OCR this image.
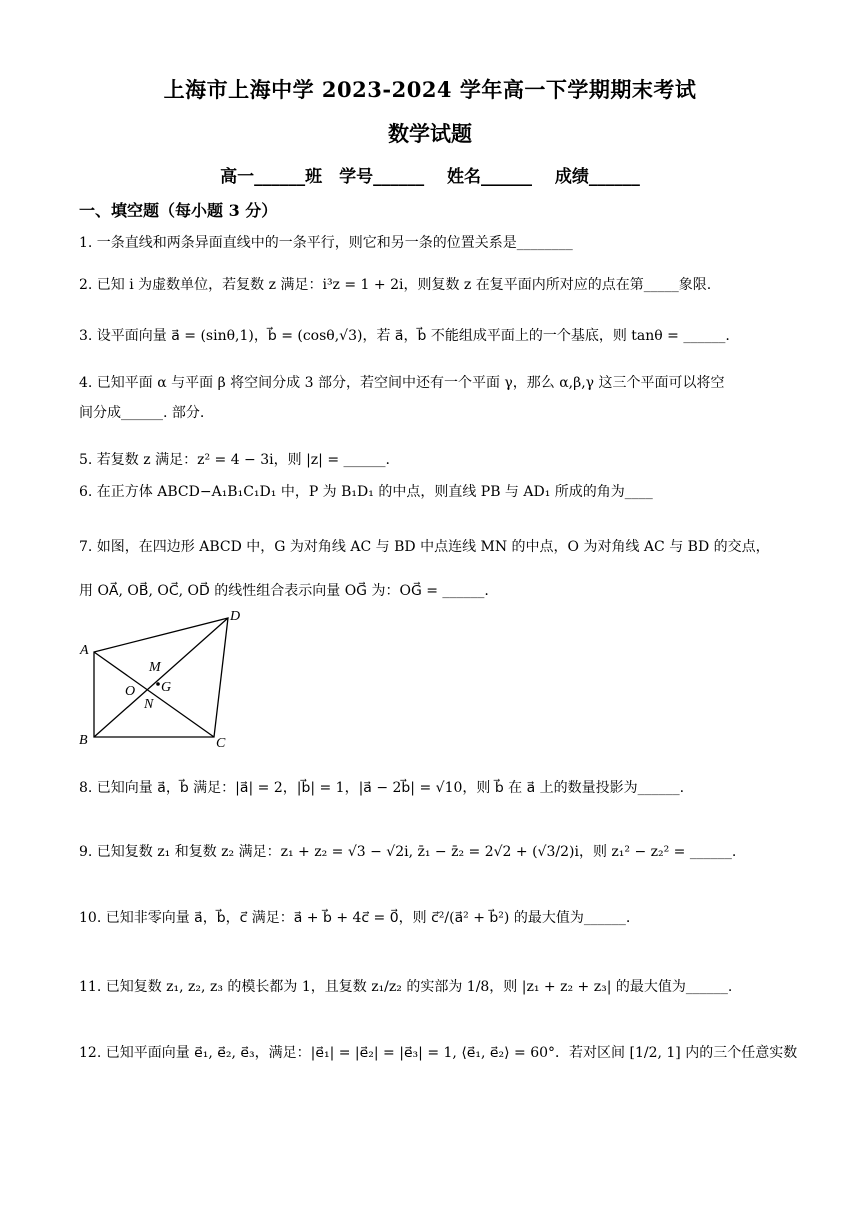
上海市上海中学 2023-2024 学年高一下学期期末考试
数学试题
高一______班　学号______　 姓名______　 成绩______
一、填空题（每小题 3 分）
1. 一条直线和两条异面直线中的一条平行，则它和另一条的位置关系是________
2. 已知 i 为虚数单位，若复数 z 满足：i³z = 1 + 2i，则复数 z 在复平面内所对应的点在第_____象限.
3. 设平面向量 a⃗ = (sinθ,1)，b⃗ = (cosθ,√3)，若 a⃗，b⃗ 不能组成平面上的一个基底，则 tanθ = ______.
4. 已知平面 α 与平面 β 将空间分成 3 部分，若空间中还有一个平面 γ，那么 α,β,γ 这三个平面可以将空
间分成______. 部分.
5. 若复数 z 满足：z² = 4 − 3i，则 |z| = ______.
6. 在正方体 ABCD−A₁B₁C₁D₁ 中，P 为 B₁D₁ 的中点，则直线 PB 与 AD₁ 所成的角为____
7. 如图，在四边形 ABCD 中，G 为对角线 AC 与 BD 中点连线 MN 的中点，O 为对角线 AC 与 BD 的交点，
用 OA⃗, OB⃗, OC⃗, OD⃗ 的线性组合表示向量 OG⃗ 为：OG⃗ = ______.
A
B	C
D
M
N
O G
8. 已知向量 a⃗，b⃗ 满足：|a⃗| = 2，|b⃗| = 1，|a⃗ − 2b⃗| = √10，则 b⃗ 在 a⃗ 上的数量投影为______.
9. 已知复数 z₁ 和复数 z₂ 满足：z₁ + z₂ = √3 − √2i, z̄₁ − z̄₂ = 2√2 + (√3/2)i，则 z₁² − z₂² = ______.
10. 已知非零向量 a⃗，b⃗，c⃗ 满足：a⃗ + b⃗ + 4c⃗ = 0⃗，则 c⃗²/(a⃗² + b⃗²) 的最大值为______.
11. 已知复数 z₁, z₂, z₃ 的模长都为 1，且复数 z₁/z₂ 的实部为 1/8，则 |z₁ + z₂ + z₃| 的最大值为______.
12. 已知平面向量 e⃗₁, e⃗₂, e⃗₃，满足：|e⃗₁| = |e⃗₂| = |e⃗₃| = 1, ⟨e⃗₁, e⃗₂⟩ = 60°．若对区间 [1/2, 1] 内的三个任意实数
